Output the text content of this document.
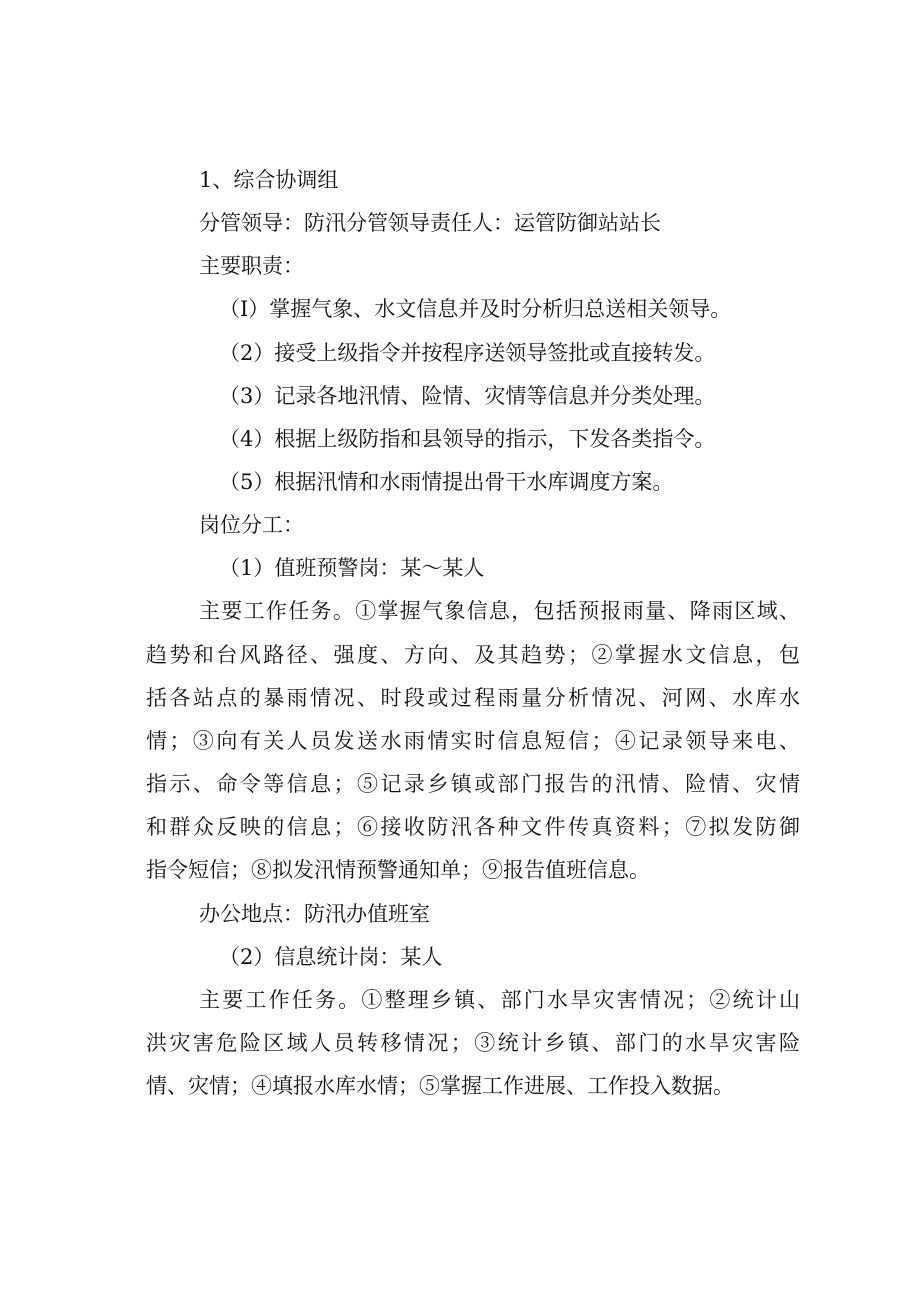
1、综合协调组
分管领导：防汛分管领导责任人：运管防御站站长
主要职责：
（I）掌握气象、水文信息并及时分析归总送相关领导。
（2）接受上级指令并按程序送领导签批或直接转发。
（3）记录各地汛情、险情、灾情等信息并分类处理。
（4）根据上级防指和县领导的指示，下发各类指令。
（5）根据汛情和水雨情提出骨干水库调度方案。
岗位分工：
（1）值班预警岗：某～某人
主要工作任务。①掌握气象信息，包括预报雨量、降雨区域、
趋势和台风路径、强度、方向、及其趋势；②掌握水文信息，包
括各站点的暴雨情况、时段或过程雨量分析情况、河网、水库水
情；③向有关人员发送水雨情实时信息短信；④记录领导来电、
指示、命令等信息；⑤记录乡镇或部门报告的汛情、险情、灾情
和群众反映的信息；⑥接收防汛各种文件传真资料；⑦拟发防御
指令短信；⑧拟发汛情预警通知单；⑨报告值班信息。
办公地点：防汛办值班室
（2）信息统计岗：某人
主要工作任务。①整理乡镇、部门水旱灾害情况；②统计山
洪灾害危险区域人员转移情况；③统计乡镇、部门的水旱灾害险
情、灾情；④填报水库水情；⑤掌握工作进展、工作投入数据。
